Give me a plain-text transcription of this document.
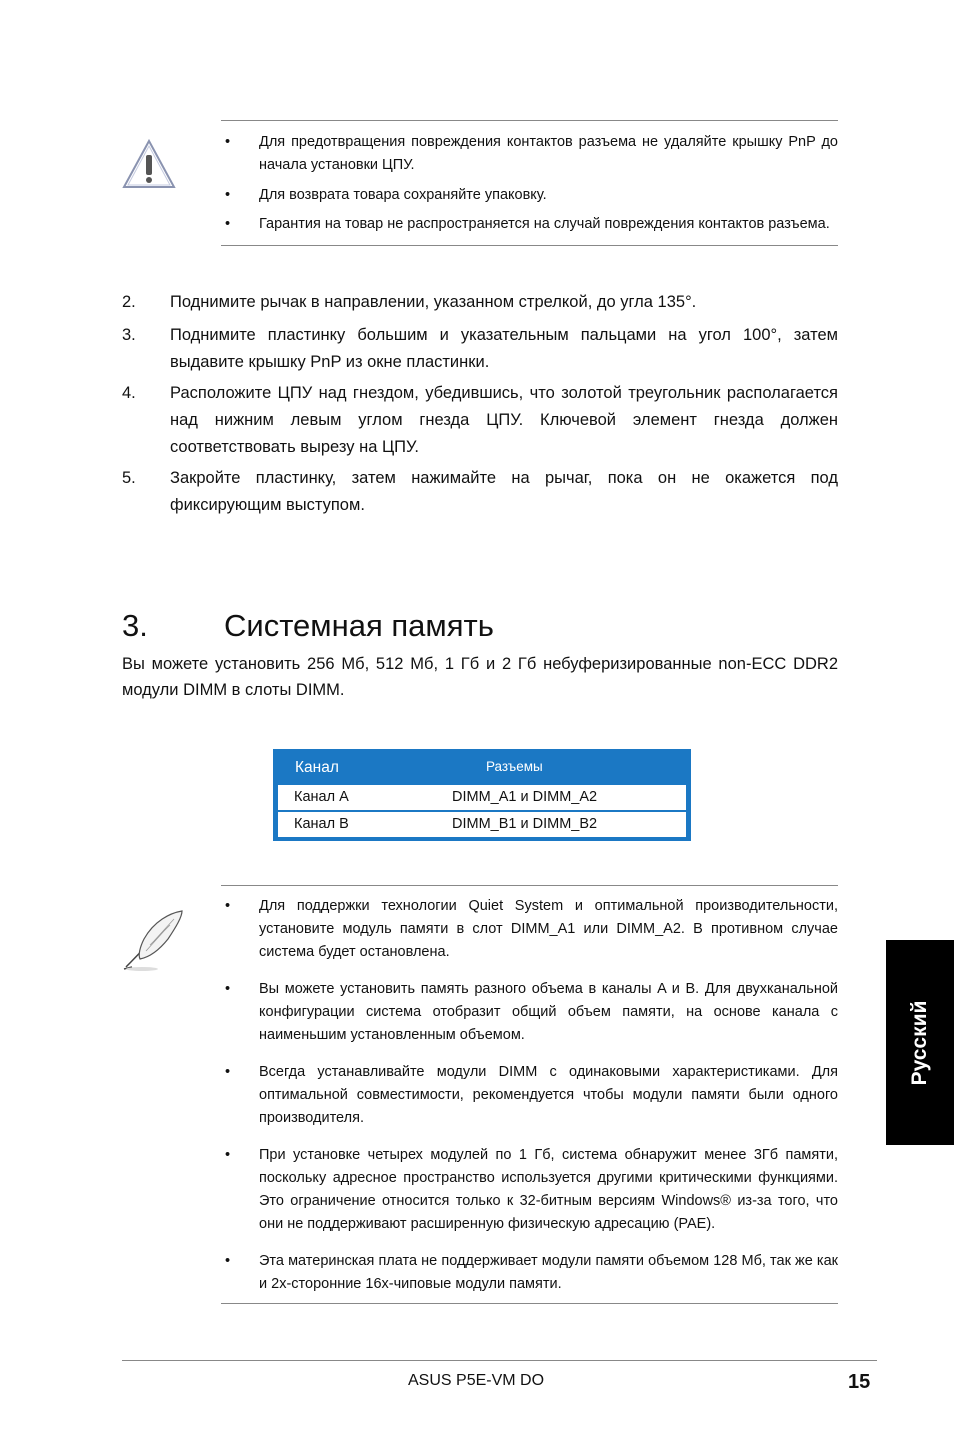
• Для предотвращения повреждения контактов разъема не удаляйте крышку PnP до начала установки ЦПУ.
• Для возврата товара сохраняйте упаковку.
• Гарантия на товар не распространяется на случай повреждения контактов разъема.
2. Поднимите рычак в направлении, указанном стрелкой, до угла 135°.
3. Поднимите пластинку большим и указательным пальцами на угол 100°, затем выдавите крышку PnP из окне пластинки.
4. Расположите ЦПУ над гнездом, убедившись, что золотой треугольник располагается над нижним левым углом гнезда ЦПУ. Ключевой элемент гнезда должен соответствовать вырезу на ЦПУ.
5. Закройте пластинку, затем нажимайте на рычаг, пока он не окажется под фиксирующим выступом.
3. Системная память
Вы можете установить 256 Мб, 512 Мб, 1 Гб и 2 Гб небуферизированные non-ECC DDR2 модули DIMM в слоты DIMM.
Канал	Разъемы
Канал A	DIMM_A1 и DIMM_A2
Канал B	DIMM_B1 и DIMM_B2
• Для поддержки технологии Quiet System и оптимальной производительности, установите модуль памяти в слот DIMM_A1 или DIMM_A2. В противном случае система будет остановлена.
• Вы можете установить память разного объема в каналы A и B. Для двухканальной конфигурации система отобразит общий объем памяти, на основе канала с наименьшим установленным объемом.
• Всегда устанавливайте модули DIMM с одинаковыми характеристиками. Для оптимальной совместимости, рекомендуется чтобы модули памяти были одного производителя.
• При установке четырех модулей по 1 Гб, система обнаружит менее 3Гб памяти, поскольку адресное пространство используется другими критическими функциями. Это ограничение относится только к 32-битным версиям Windows® из-за того, что они не поддерживают расширенную физическую адресацию (PAE).
• Эта материнская плата не поддерживает модули памяти объемом 128 Мб, так же как и 2х-сторонние 16х-чиповые модули памяти.
Русский
ASUS P5E-VM DO	15
